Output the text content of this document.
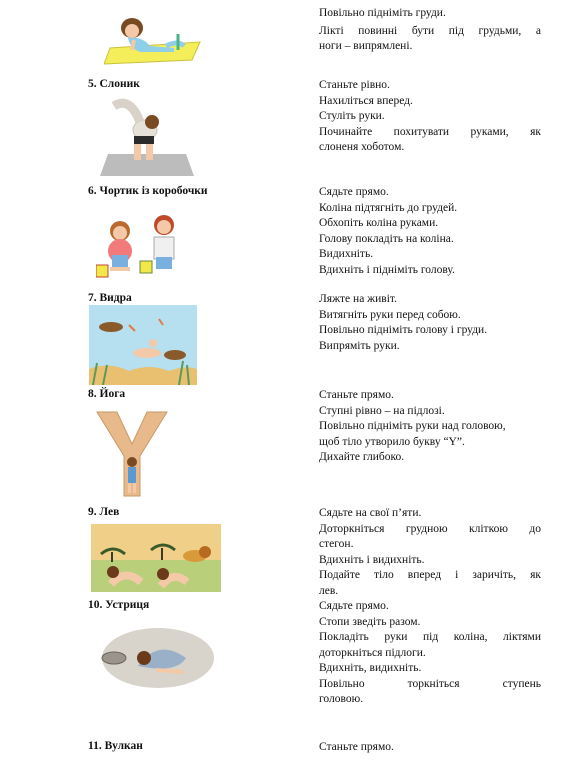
Повільно підніміть груди.
Лікті повинні бути під грудьми, а
ноги – випрямлені.
5. Слоник	Станьте рівно.
Нахиліться вперед.
Стуліть руки.
Починайте похитувати руками, як
слоненя хоботом.
6. Чортик із коробочки	Сядьте прямо.
Коліна підтягніть до грудей.
Обхопіть коліна руками.
Голову покладіть на коліна.
Видихніть.
Вдихніть і підніміть голову.
7. Видра	Ляжте на живіт.
Витягніть руки перед собою.
Повільно підніміть голову і груди.
Випряміть руки.
8. Йога	Станьте прямо.
Ступні рівно – на підлозі.
Повільно підніміть руки над головою,
щоб тіло утворило букву “Y”.
Дихайте глибоко.
9. Лев	Сядьте на свої п’яти.
Доторкніться грудною кліткою до
стегон.
Вдихніть і видихніть.
Подайте тіло вперед і заричіть, як
лев.
10. Устриця	Сядьте прямо.
Стопи зведіть разом.
Покладіть руки під коліна, ліктями
доторкніться підлоги.
Вдихніть, видихніть.
Повільно торкніться ступень
головою.
11. Вулкан	Станьте прямо.
